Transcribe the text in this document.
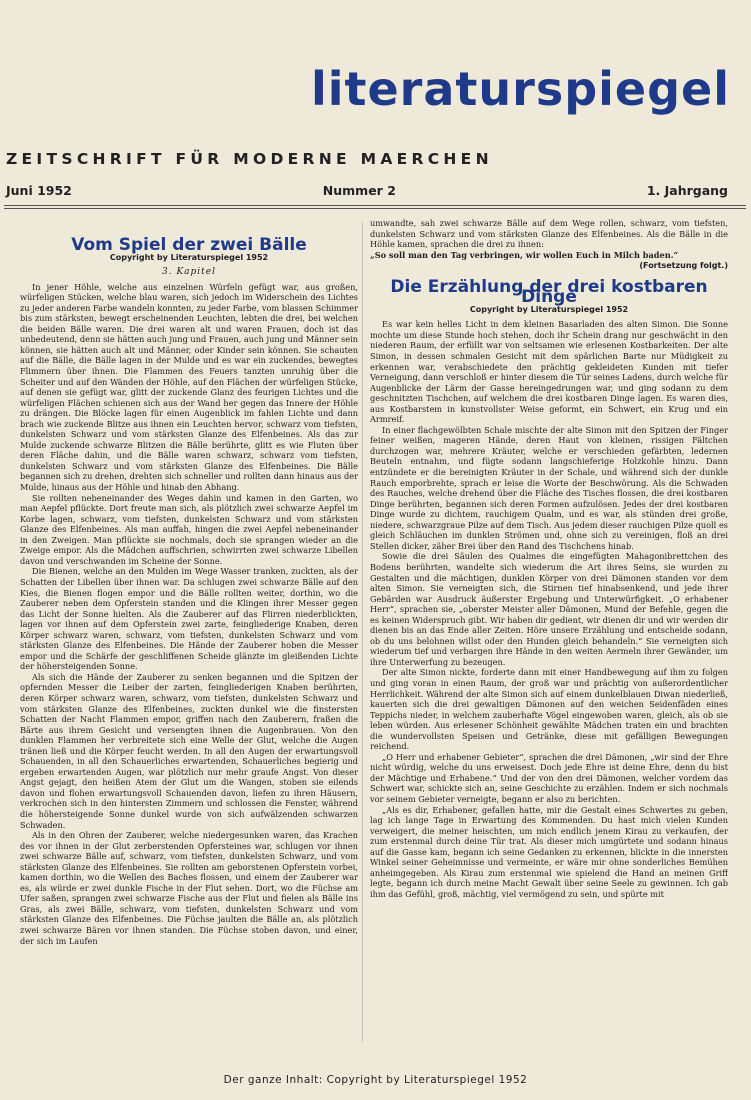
literaturspiegel
ZEITSCHRIFT FÜR MODERNE MAERCHEN
Juni 1952	Nummer 2	1. Jahrgang
Vom Spiel der zwei Bälle
Copyright by Literaturspiegel 1952
3. Kapitel

In jener Höhle, welche aus einzelnen Würfeln gefügt war, aus großen, würfeligen Stücken, welche blau waren, sich jedoch im Widerschein des Lichtes zu jeder anderen Farbe wandeln konnten, zu jeder Farbe, vom blassen Schimmer bis zum stärksten, bewegt erscheinenden Leuchten, lebten die drei, bei welchen die beiden Bälle waren. Die drei waren alt und waren Frauen, doch ist das unbedeutend, denn sie hätten auch jung und Frauen, auch jung und Männer sein können, sie hätten auch alt und Männer, oder Kinder sein können. Sie schauten auf die Bälle, die Bälle lagen in der Mulde und es war ein zuckendes, bewegtes Flimmern über ihnen. Die Flammen des Feuers tanzten unruhig über die Scheiter und auf den Wänden der Höhle, auf den Flächen der würfeligen Stücke, auf denen sie gefügt war, glitt der zuckende Glanz des feurigen Lichtes und die würfeligen Flächen schienen sich aus der Wand her gegen das Innere der Höhle zu drängen. Die Blöcke lagen für einen Augenblick im fahlen Lichte und dann brach wie zuckende Blitze aus ihnen ein Leuchten hervor, schwarz vom tiefsten, dunkelsten Schwarz und vom stärksten Glanze des Elfenbeines. Als das zur Mulde zuckende schwarze Blitzen die Bälle berührte, glitt es wie Fluten über deren Fläche dahin, und die Bälle waren schwarz, schwarz vom tiefsten, dunkelsten Schwarz und vom stärksten Glanze des Elfenbeines. Die Bälle begannen sich zu drehen, drehten sich schneller und rollten dann hinaus aus der Mulde, hinaus aus der Höhle und hinab den Abhang.

Sie rollten nebeneinander des Weges dahin und kamen in den Garten, wo man Aepfel pflückte. Dort freute man sich, als plötzlich zwei schwarze Aepfel im Korbe lagen, schwarz, vom tiefsten, dunkelsten Schwarz und vom stärksten Glanze des Elfenbeines. Als man auffah, hingen die zwei Aepfel nebeneinander in den Zweigen. Man pflückte sie nochmals, doch sie sprangen wieder an die Zweige empor. Als die Mädchen auffschrien, schwirrten zwei schwarze Libellen davon und verschwanden im Scheine der Sonne.

Die Bienen, welche an den Mulden im Wege Wasser tranken, zuckten, als der Schatten der Libellen über ihnen war. Da schlugen zwei schwarze Bälle auf den Kies, die Bienen flogen empor und die Bälle rollten weiter, dorthin, wo die Zauberer neben dem Opferstein standen und die Klingen ihrer Messer gegen das Licht der Sonne hielten. Als die Zauberer auf das Flirren niederblickten, lagen vor ihnen auf dem Opferstein zwei zarte, feingliederige Knaben, deren Körper schwarz waren, schwarz, vom tiefsten, dunkelsten Schwarz und vom stärksten Glanze des Elfenbeines. Die Hände der Zauberer hoben die Messer empor und die Schärfe der geschliffenen Scheide glänzte im gleißenden Lichte der höhersteigenden Sonne.

Als sich die Hände der Zauberer zu senken begannen und die Spitzen der opfernden Messer die Leiber der zarten, feingliederigen Knaben berührten, deren Körper schwarz waren, schwarz, vom tiefsten, dunkelsten Schwarz und vom stärksten Glanze des Elfenbeines, zuckten dunkel wie die finstersten Schatten der Nacht Flammen empor, griffen nach den Zauberern, fraßen die Bärte aus ihrem Gesicht und versengten ihnen die Augenbrauen. Von den dunklen Flammen her verbreitete sich eine Welle der Glut, welche die Augen tränen ließ und die Körper feucht werden. In all den Augen der erwartungsvoll Schauenden, in all den Schauerliches erwartenden, Schauerliches begierig und ergeben erwartenden Augen, war plötzlich nur mehr graufe Angst. Von dieser Angst gejagt, den heißen Atem der Glut um die Wangen, stoben sie eilends davon und flohen erwartungsvoll Schauenden davon, liefen zu ihren Häusern, verkrochen sich in den hintersten Zimmern und schlossen die Fenster, während die höhersteigende Sonne dunkel wurde von sich aufwälzenden schwarzen Schwaden.

Als in den Ohren der Zauberer, welche niedergesunken waren, das Krachen des vor ihnen in der Glut zerberstenden Opfersteines war, schlugen vor ihnen zwei schwarze Bälle auf, schwarz, vom tiefsten, dunkelsten Schwarz, und vom stärksten Glanze des Elfenbeines. Sie rollten am geborstenen Opferstein vorbei, kamen dorthin, wo die Wellen des Baches flossen, und einem der Zauberer war es, als würde er zwei dunkle Fische in der Flut sehen. Dort, wo die Füchse am Ufer saßen, sprangen zwei schwarze Fische aus der Flut und fielen als Bälle ins Gras, als zwei Bälle, schwarz, vom tiefsten, dunkelsten Schwarz und vom stärksten Glanze des Elfenbeines. Die Füchse jaulten die Bälle an, als plötzlich zwei schwarze Bären vor ihnen standen. Die Füchse stoben davon, und einer, der sich im Laufen

umwandte, sah zwei schwarze Bälle auf dem Wege rollen, schwarz, vom tiefsten, dunkelsten Schwarz und vom stärksten Glanze des Elfenbeines. Als die Bälle in die Höhle kamen, sprachen die drei zu ihnen:
„So soll man den Tag verbringen, wir wollen Euch in Milch baden.“

(Fortsetzung folgt.)
Die Erzählung der drei kostbaren Dinge
Copyright by Literaturspiegel 1952

Es war kein helles Licht in dem kleinen Basarladen des alten Simon. Die Sonne mochte um diese Stunde hoch stehen, doch ihr Schein drang nur geschwächt in den niederen Raum, der erfüllt war von seltsamen wie erlesenen Kostbarkeiten. Der alte Simon, in dessen schmalen Gesicht mit dem spärlichen Barte nur Müdigkeit zu erkennen war, verabschiedete den prächtig gekleideten Kunden mit tiefer Verneigung, dann verschloß er hinter diesem die Tür seines Ladens, durch welche für Augenblicke der Lärm der Gasse hereingedrungen war, und ging sodann zu dem geschnitzten Tischchen, auf welchem die drei kostbaren Dinge lagen. Es waren dies, aus Kostbarstem in kunstvollster Weise geformt, ein Schwert, ein Krug und ein Armreif.

In einer flachgewölbten Schale mischte der alte Simon mit den Spitzen der Finger feiner weißen, mageren Hände, deren Haut von kleinen, rissigen Fältchen durchzogen war, mehrere Kräuter, welche er verschieden gefärbten, ledernen Beuteln entnahm, und fügte sodann langschieferige Holzkohle hinzu. Dann entzündete er die bereinigten Kräuter in der Schale, und während sich der dunkle Rauch emporbrehte, sprach er leise die Worte der Beschwörung. Als die Schwaden des Rauches, welche drehend über die Fläche des Tisches flossen, die drei kostbaren Dinge berührten, begannen sich deren Formen aufzulösen. Jedes der drei kostbaren Dinge wurde zu dichtem, rauchigem Qualm, und es war, als stünden drei große, niedere, schwarzgraue Pilze auf dem Tisch. Aus jedem dieser rauchigen Pilze quoll es gleich Schläuchen im dunklen Strömen und, ohne sich zu vereinigen, floß an drei Stellen dicker, zäher Brei über den Rand des Tischchens hinab.

Sowie die drei Säulen des Qualmes die eingefügten Mahagonibrettchen des Bodens berührten, wandelte sich wiederum die Art ihres Seins, sie wurden zu Gestalten und die mächtigen, dunklen Körper von drei Dämonen standen vor dem alten Simon. Sie verneigten sich, die Stirnen tief hinabsenkend, und jede ihrer Gebärden war Ausdruck äußerster Ergebung und Unterwürfigkeit. „O erhabener Herr“, sprachen sie, „oberster Meister aller Dämonen, Mund der Befehle, gegen die es keinen Widerspruch gibt. Wir haben dir gedient, wir dienen dir und wir werden dir dienen bis an das Ende aller Zeiten. Höre unsere Erzählung und entscheide sodann, ob du uns belohnen willst oder den Hunden gleich behandeln.“ Sie verneigten sich wiederum tief und verbargen ihre Hände in den weiten Aermeln ihrer Gewänder, um ihre Unterwerfung zu bezeugen.

Der alte Simon nickte, forderte dann mit einer Handbewegung auf ihm zu folgen und ging voran in einen Raum, der groß war und prächtig von außerordentlicher Herrlichkeit. Während der alte Simon sich auf einem dunkelblauen Diwan niederließ, kauerten sich die drei gewaltigen Dämonen auf den weichen Seidenfäden eines Teppichs nieder, in welchem zauberhafte Vögel eingewoben waren, gleich, als ob sie leben würden. Aus erlesener Schönheit gewählte Mädchen traten ein und brachten die wundervollsten Speisen und Getränke, diese mit gefälligen Bewegungen reichend.

„O Herr und erhabener Gebieter“, sprachen die drei Dämonen, „wir sind der Ehre nicht würdig, welche du uns erweisest. Doch jede Ehre ist deine Ehre, denn du bist der Mächtige und Erhabene.“ Und der von den drei Dämonen, welcher vordem das Schwert war, schickte sich an, seine Geschichte zu erzählen. Indem er sich nochmals vor seinem Gebieter verneigte, begann er also zu berichten.

„Als es dir, Erhabener, gefallen hatte, mir die Gestalt eines Schwertes zu geben, lag ich lange Tage in Erwartung des Kommenden. Du hast mich vielen Kunden verweigert, die meiner heischten, um mich endlich jenem Kirau zu verkaufen, der zum erstenmal durch deine Tür trat. Als dieser mich umgürtete und sodann hinaus auf die Gasse kam, begann ich seine Gedanken zu erkennen, blickte in die innersten Winkel seiner Geheimnisse und vermeinte, er wäre mir ohne sonderliches Bemühen anheimgegeben. Als Kirau zum erstenmal wie spielend die Hand an meinen Griff legte, begann ich durch meine Macht Gewalt über seine Seele zu gewinnen. Ich gab ihm das Gefühl, groß, mächtig, viel vermögend zu sein, und spürte mit

Der ganze Inhalt: Copyright by Literaturspiegel 1952
